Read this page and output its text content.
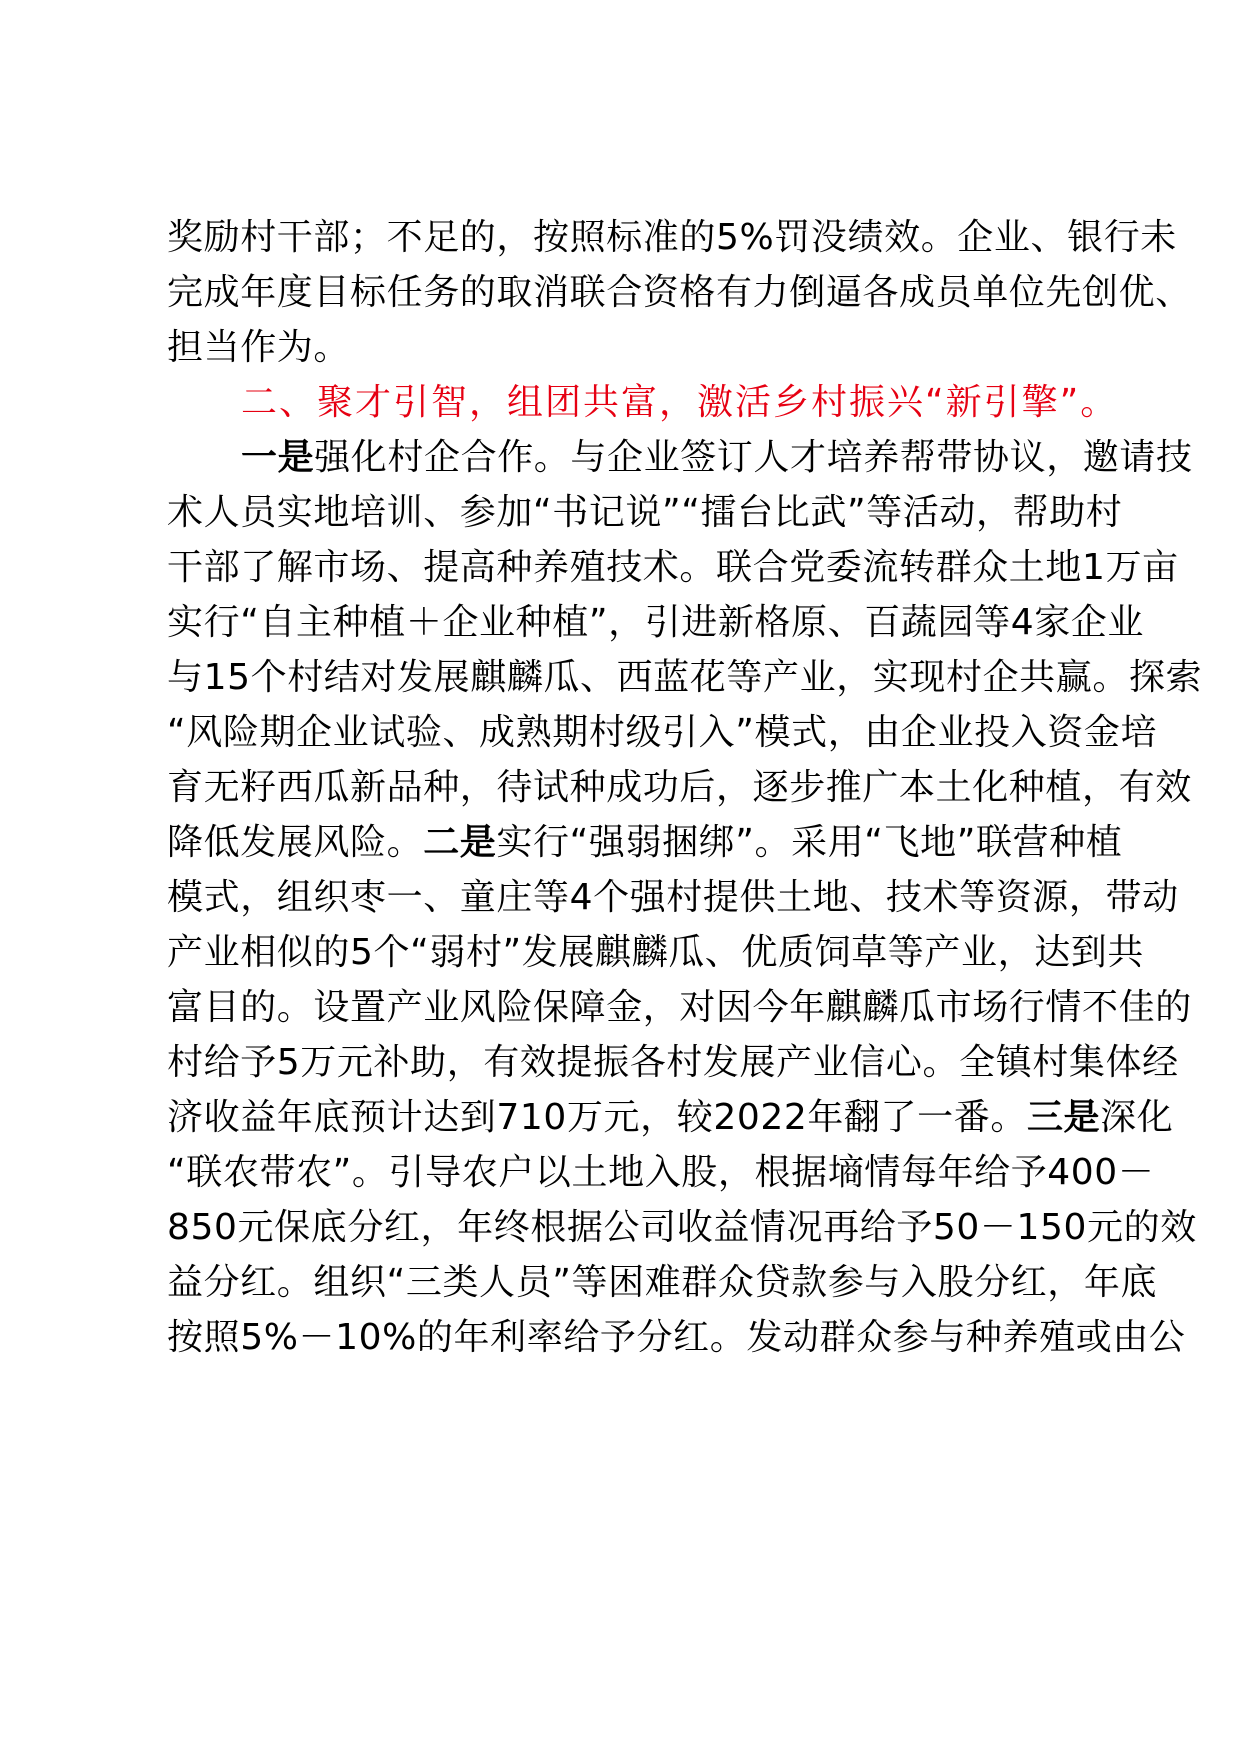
奖励村干部；不足的，按照标准的5%罚没绩效。企业、银行未
完成年度目标任务的取消联合资格有力倒逼各成员单位先创优、
担当作为。
二、聚才引智，组团共富，激活乡村振兴“新引擎”。
一是强化村企合作。与企业签订人才培养帮带协议，邀请技
术人员实地培训、参加“书记说”“擂台比武”等活动，帮助村
干部了解市场、提高种养殖技术。联合党委流转群众土地1万亩
实行“自主种植＋企业种植”，引进新格原、百蔬园等4家企业
与15个村结对发展麒麟瓜、西蓝花等产业，实现村企共赢。探索
“风险期企业试验、成熟期村级引入”模式，由企业投入资金培
育无籽西瓜新品种，待试种成功后，逐步推广本土化种植，有效
降低发展风险。二是实行“强弱捆绑”。采用“飞地”联营种植
模式，组织枣一、童庄等4个强村提供土地、技术等资源，带动
产业相似的5个“弱村”发展麒麟瓜、优质饲草等产业，达到共
富目的。设置产业风险保障金，对因今年麒麟瓜市场行情不佳的
村给予5万元补助，有效提振各村发展产业信心。全镇村集体经
济收益年底预计达到710万元，较2022年翻了一番。三是深化
“联农带农”。引导农户以土地入股，根据墒情每年给予400－
850元保底分红，年终根据公司收益情况再给予50－150元的效
益分红。组织“三类人员”等困难群众贷款参与入股分红，年底
按照5%－10%的年利率给予分红。发动群众参与种养殖或由公
